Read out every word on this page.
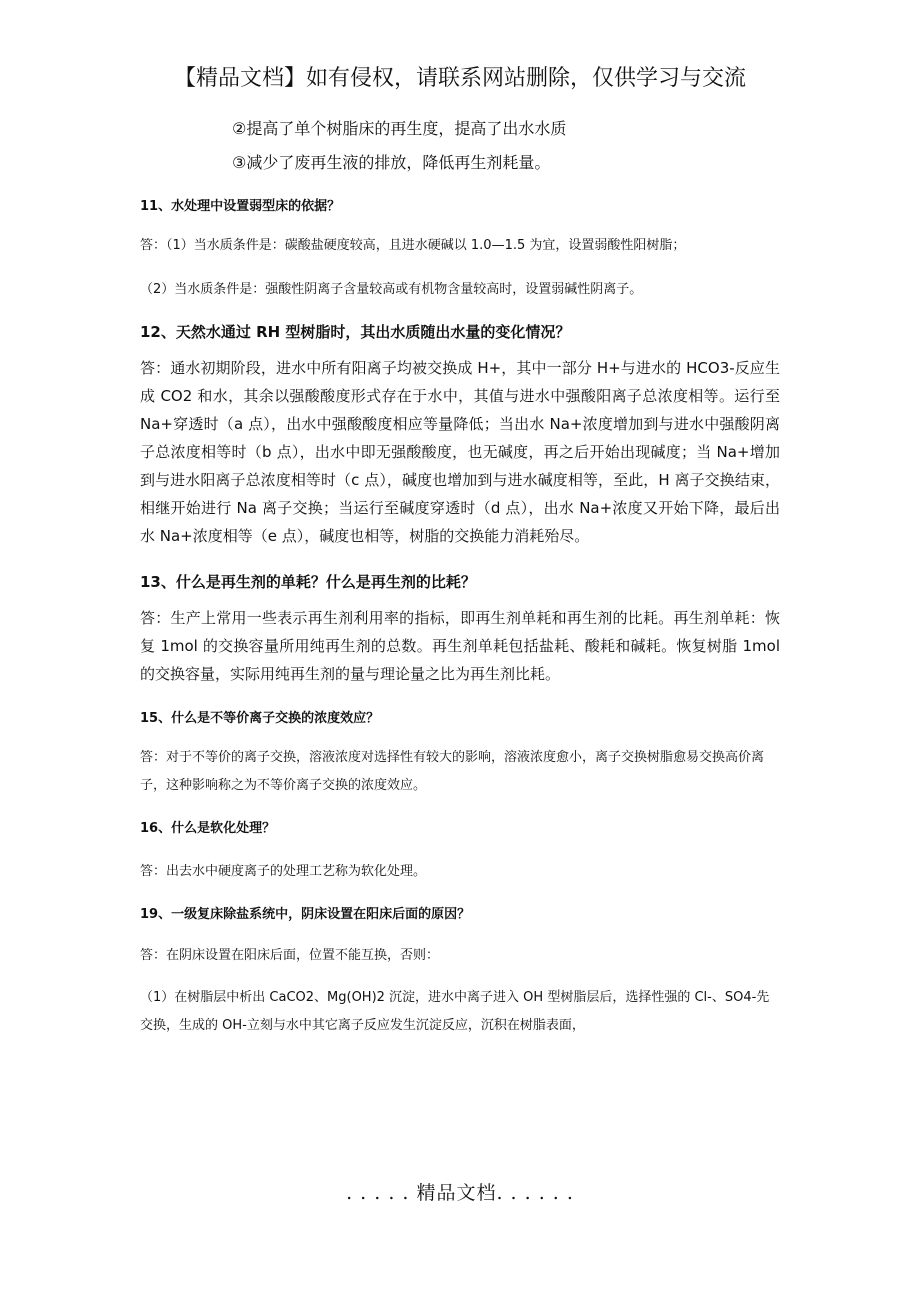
【精品文档】如有侵权，请联系网站删除，仅供学习与交流
②提高了单个树脂床的再生度，提高了出水水质
③减少了废再生液的排放，降低再生剂耗量。
11、水处理中设置弱型床的依据？
答：（1）当水质条件是：碳酸盐硬度较高，且进水硬碱以 1.0—1.5 为宜，设置弱酸性阳树脂；
（2）当水质条件是：强酸性阴离子含量较高或有机物含量较高时，设置弱碱性阴离子。
12、天然水通过 RH 型树脂时，其出水质随出水量的变化情况？
答：通水初期阶段，进水中所有阳离子均被交换成 H+，其中一部分 H+与进水的 HCO3-反应生成 CO2 和水，其余以强酸酸度形式存在于水中，其值与进水中强酸阳离子总浓度相等。运行至 Na+穿透时（a 点），出水中强酸酸度相应等量降低；当出水 Na+浓度增加到与进水中强酸阴离子总浓度相等时（b 点），出水中即无强酸酸度，也无碱度，再之后开始出现碱度；当 Na+增加到与进水阳离子总浓度相等时（c 点），碱度也增加到与进水碱度相等，至此，H 离子交换结束，相继开始进行 Na 离子交换；当运行至碱度穿透时（d 点），出水 Na+浓度又开始下降，最后出水 Na+浓度相等（e 点），碱度也相等，树脂的交换能力消耗殆尽。
13、什么是再生剂的单耗？什么是再生剂的比耗？
答：生产上常用一些表示再生剂利用率的指标，即再生剂单耗和再生剂的比耗。再生剂单耗：恢复 1mol 的交换容量所用纯再生剂的总数。再生剂单耗包括盐耗、酸耗和碱耗。恢复树脂 1mol 的交换容量，实际用纯再生剂的量与理论量之比为再生剂比耗。
15、什么是不等价离子交换的浓度效应？
答：对于不等价的离子交换，溶液浓度对选择性有较大的影响，溶液浓度愈小，离子交换树脂愈易交换高价离子，这种影响称之为不等价离子交换的浓度效应。
16、什么是软化处理？
答：出去水中硬度离子的处理工艺称为软化处理。
19、一级复床除盐系统中，阴床设置在阳床后面的原因？
答：在阴床设置在阳床后面，位置不能互换，否则：
（1）在树脂层中析出 CaCO2、Mg(OH)2 沉淀，进水中离子进入 OH 型树脂层后，选择性强的 Cl-、SO4-先交换，生成的 OH-立刻与水中其它离子反应发生沉淀反应，沉积在树脂表面，
. . . . . 精品文档. . . . . .
